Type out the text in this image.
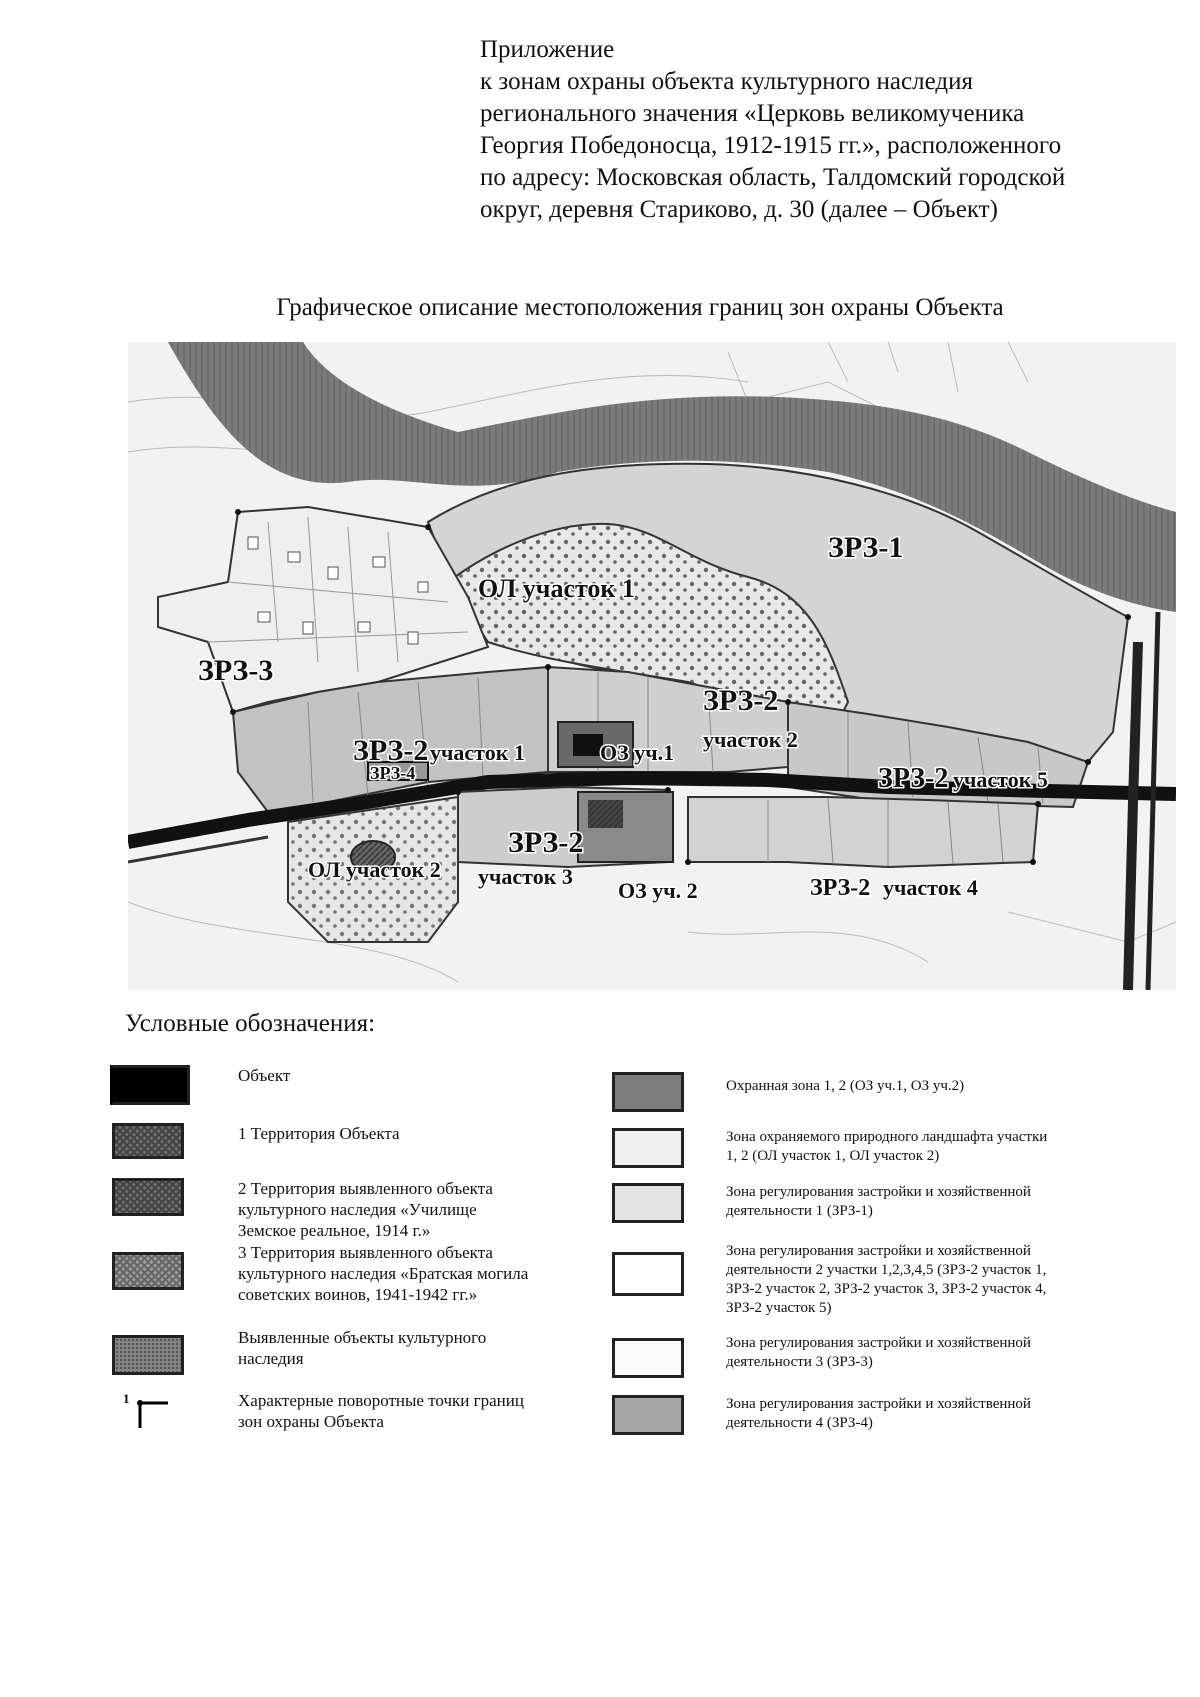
Приложение
к зонам охраны объекта культурного наследия
регионального значения «Церковь великомученика
Георгия Победоносца, 1912-1915 гг.», расположенного
по адресу: Московская область, Талдомский городской
округ, деревня Стариково, д. 30 (далее – Объект)
Графическое описание местоположения границ зон охраны Объекта
ЗРЗ-1
ОЛ участок 1
ЗРЗ-3
ЗРЗ-2
участок 2
ЗРЗ-2 участок 1	ОЗ уч.1
ЗРЗ-2 участок 5
ЗРЗ-4
ЗРЗ-2
участок 3
ОЛ участок 2
ОЗ уч. 2	ЗРЗ-2 участок 4
Условные обозначения:
Объект
1 Территория Объекта
2 Территория выявленного объекта
культурного наследия «Училище
Земское реальное, 1914 г.»
3 Территория выявленного объекта
культурного наследия «Братская могила
советских воинов, 1941-1942 гг.»
Выявленные объекты культурного
наследия
1	Характерные поворотные точки границ
зон охраны Объекта
Охранная зона 1, 2 (ОЗ уч.1, ОЗ уч.2)
Зона охраняемого природного ландшафта участки
1, 2 (ОЛ участок 1, ОЛ участок 2)
Зона регулирования застройки и хозяйственной
деятельности 1 (ЗРЗ-1)
Зона регулирования застройки и хозяйственной
деятельности 2 участки 1,2,3,4,5 (ЗРЗ-2 участок 1,
ЗРЗ-2 участок 2, ЗРЗ-2 участок 3, ЗРЗ-2 участок 4,
ЗРЗ-2 участок 5)
Зона регулирования застройки и хозяйственной
деятельности 3 (ЗРЗ-3)
Зона регулирования застройки и хозяйственной
деятельности 4 (ЗРЗ-4)
